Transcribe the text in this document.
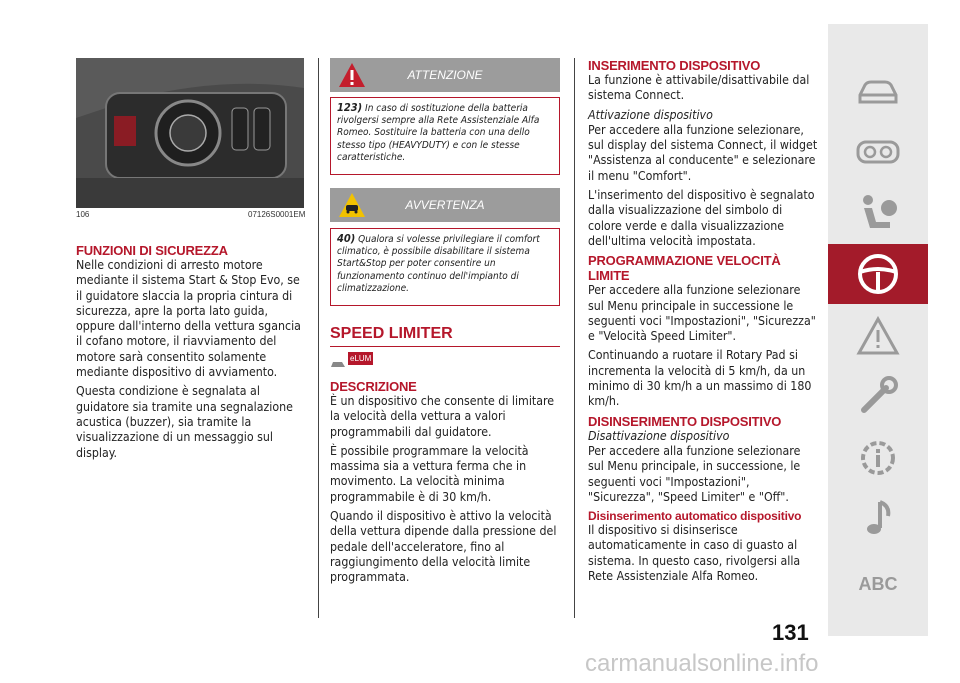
106	07126S0001EM
FUNZIONI DI SICUREZZA

Nelle condizioni di arresto motore mediante il sistema Start & Stop Evo, se il guidatore slaccia la propria cintura di sicurezza, apre la porta lato guida, oppure dall'interno della vettura sgancia il cofano motore, il riavviamento del motore sarà consentito solamente mediante dispositivo di avviamento.

Questa condizione è segnalata al guidatore sia tramite una segnalazione acustica (buzzer), sia tramite la visualizzazione di un messaggio sul display.

ATTENZIONE

123) In caso di sostituzione della batteria rivolgersi sempre alla Rete Assistenziale Alfa Romeo. Sostituire la batteria con una dello stesso tipo (HEAVYDUTY) e con le stesse caratteristiche.

AVVERTENZA

40) Qualora si volesse privilegiare il comfort climatico, è possibile disabilitare il sistema Start&Stop per poter consentire un funzionamento continuo dell'impianto di climatizzazione.

SPEED LIMITER
eLUM
DESCRIZIONE

È un dispositivo che consente di limitare la velocità della vettura a valori programmabili dal guidatore.

È possibile programmare la velocità massima sia a vettura ferma che in movimento. La velocità minima programmabile è di 30 km/h.

Quando il dispositivo è attivo la velocità della vettura dipende dalla pressione del pedale dell'acceleratore, fino al raggiungimento della velocità limite programmata.

INSERIMENTO DISPOSITIVO

La funzione è attivabile/disattivabile dal sistema Connect.

Attivazione dispositivo

Per accedere alla funzione selezionare, sul display del sistema Connect, il widget "Assistenza al conducente" e selezionare il menu "Comfort".

L'inserimento del dispositivo è segnalato dalla visualizzazione del simbolo di colore verde e dalla visualizzazione dell'ultima velocità impostata.

PROGRAMMAZIONE VELOCITÀ LIMITE

Per accedere alla funzione selezionare sul Menu principale in successione le seguenti voci "Impostazioni", "Sicurezza" e "Velocità Speed Limiter".

Continuando a ruotare il Rotary Pad si incrementa la velocità di 5 km/h, da un minimo di 30 km/h a un massimo di 180 km/h.

DISINSERIMENTO DISPOSITIVO

Disattivazione dispositivo

Per accedere alla funzione selezionare sul Menu principale, in successione, le seguenti voci "Impostazioni", "Sicurezza", "Speed Limiter" e "Off".

Disinserimento automatico dispositivo

Il dispositivo si disinserisce automaticamente in caso di guasto al sistema. In questo caso, rivolgersi alla Rete Assistenziale Alfa Romeo.	ABC
131
carmanualsonline.info
